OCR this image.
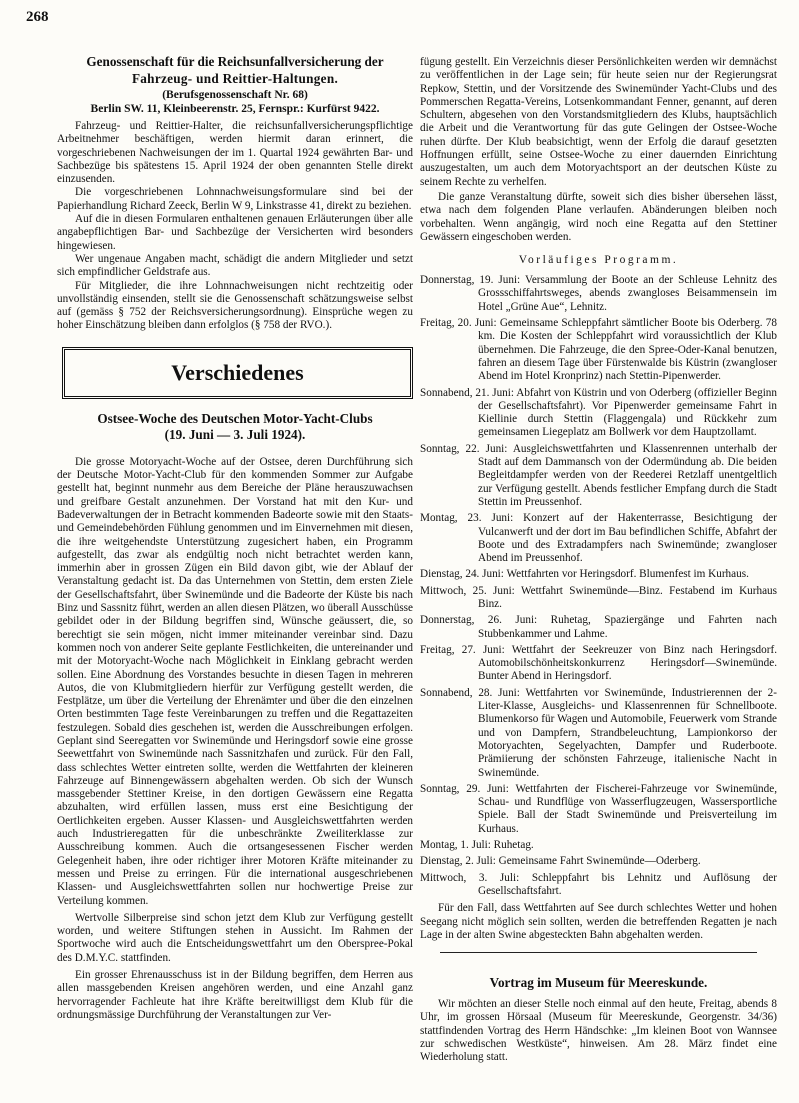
268
Genossenschaft für die Reichsunfallversicherung der
Fahrzeug- und Reittier-Haltungen.

(Berufsgenossenschaft Nr. 68)

Berlin SW. 11, Kleinbeerenstr. 25, Fernspr.: Kurfürst 9422.

Fahrzeug- und Reittier-Halter, die reichsunfallversicherungspflichtige Arbeitnehmer beschäftigen, werden hiermit daran erinnert, die vorgeschriebenen Nachweisungen der im 1. Quartal 1924 gewährten Bar- und Sachbezüge bis spätestens 15. April 1924 der oben genannten Stelle direkt einzusenden.

Die vorgeschriebenen Lohnnachweisungsformulare sind bei der Papierhandlung Richard Zeeck, Berlin W 9, Linkstrasse 41, direkt zu beziehen.

Auf die in diesen Formularen enthaltenen genauen Erläuterungen über alle angabepflichtigen Bar- und Sachbezüge der Versicherten wird besonders hingewiesen.

Wer ungenaue Angaben macht, schädigt die andern Mitglieder und setzt sich empfindlicher Geldstrafe aus.

Für Mitglieder, die ihre Lohnnachweisungen nicht rechtzeitig oder unvollständig einsenden, stellt sie die Genossenschaft schätzungsweise selbst auf (gemäss § 752 der Reichsversicherungsordnung). Einsprüche wegen zu hoher Einschätzung bleiben dann erfolglos (§ 758 der RVO.).

Verschiedenes
Ostsee-Woche des Deutschen Motor-Yacht-Clubs
(19. Juni — 3. Juli 1924).

Die grosse Motoryacht-Woche auf der Ostsee, deren Durchführung sich der Deutsche Motor-Yacht-Club für den kommenden Sommer zur Aufgabe gestellt hat, beginnt nunmehr aus dem Bereiche der Pläne herauszuwachsen und greifbare Gestalt anzunehmen. Der Vorstand hat mit den Kur- und Badeverwaltungen der in Betracht kommenden Badeorte sowie mit den Staats- und Gemeindebehörden Fühlung genommen und im Einvernehmen mit diesen, die ihre weitgehendste Unterstützung zugesichert haben, ein Programm aufgestellt, das zwar als endgültig noch nicht betrachtet werden kann, immerhin aber in grossen Zügen ein Bild davon gibt, wie der Ablauf der Veranstaltung gedacht ist. Da das Unternehmen von Stettin, dem ersten Ziele der Gesellschaftsfahrt, über Swinemünde und die Badeorte der Küste bis nach Binz und Sassnitz führt, werden an allen diesen Plätzen, wo überall Ausschüsse gebildet oder in der Bildung begriffen sind, Wünsche geäussert, die, so berechtigt sie sein mögen, nicht immer miteinander vereinbar sind. Dazu kommen noch von anderer Seite geplante Festlichkeiten, die untereinander und mit der Motoryacht-Woche nach Möglichkeit in Einklang gebracht werden sollen. Eine Abordnung des Vorstandes besuchte in diesen Tagen in mehreren Autos, die von Klubmitgliedern hierfür zur Verfügung gestellt werden, die Festplätze, um über die Verteilung der Ehrenämter und über die den einzelnen Orten bestimmten Tage feste Vereinbarungen zu treffen und die Regattazeiten festzulegen. Sobald dies geschehen ist, werden die Ausschreibungen erfolgen. Geplant sind Seeregatten vor Swinemünde und Heringsdorf sowie eine grosse Seewettfahrt von Swinemünde nach Sassnitzhafen und zurück. Für den Fall, dass schlechtes Wetter eintreten sollte, werden die Wettfahrten der kleineren Fahrzeuge auf Binnengewässern abgehalten werden. Ob sich der Wunsch massgebender Stettiner Kreise, in den dortigen Gewässern eine Regatta abzuhalten, wird erfüllen lassen, muss erst eine Besichtigung der Oertlichkeiten ergeben. Ausser Klassen- und Ausgleichswettfahrten werden auch Industrieregatten für die unbeschränkte Zweiliterklasse zur Ausschreibung kommen. Auch die ortsangesessenen Fischer werden Gelegenheit haben, ihre oder richtiger ihrer Motoren Kräfte miteinander zu messen und Preise zu erringen. Für die international ausgeschriebenen Klassen- und Ausgleichswettfahrten sollen nur hochwertige Preise zur Verteilung kommen.

Wertvolle Silberpreise sind schon jetzt dem Klub zur Verfügung gestellt worden, und weitere Stiftungen stehen in Aussicht. Im Rahmen der Sportwoche wird auch die Entscheidungswettfahrt um den Oberspree-Pokal des D.M.Y.C. stattfinden.

Ein grosser Ehrenausschuss ist in der Bildung begriffen, dem Herren aus allen massgebenden Kreisen angehören werden, und eine Anzahl ganz hervorragender Fachleute hat ihre Kräfte bereitwilligst dem Klub für die ordnungsmässige Durchführung der Veranstaltungen zur Ver-

fügung gestellt. Ein Verzeichnis dieser Persönlichkeiten werden wir demnächst zu veröffentlichen in der Lage sein; für heute seien nur der Regierungsrat Repkow, Stettin, und der Vorsitzende des Swinemünder Yacht-Clubs und des Pommerschen Regatta-Vereins, Lotsenkommandant Fenner, genannt, auf deren Schultern, abgesehen von den Vorstandsmitgliedern des Klubs, hauptsächlich die Arbeit und die Verantwortung für das gute Gelingen der Ostsee-Woche ruhen dürfte. Der Klub beabsichtigt, wenn der Erfolg die darauf gesetzten Hoffnungen erfüllt, seine Ostsee-Woche zu einer dauernden Einrichtung auszugestalten, um auch dem Motoryachtsport an der deutschen Küste zu seinem Rechte zu verhelfen.

Die ganze Veranstaltung dürfte, soweit sich dies bisher übersehen lässt, etwa nach dem folgenden Plane verlaufen. Abänderungen bleiben noch vorbehalten. Wenn angängig, wird noch eine Regatta auf den Stettiner Gewässern eingeschoben werden.

Vorläufiges Programm.

Donnerstag, 19. Juni: Versammlung der Boote an der Schleuse Lehnitz des Grossschiffahrtsweges, abends zwangloses Beisammensein im Hotel „Grüne Aue“, Lehnitz.

Freitag, 20. Juni: Gemeinsame Schleppfahrt sämtlicher Boote bis Oderberg. 78 km. Die Kosten der Schleppfahrt wird voraussichtlich der Klub übernehmen. Die Fahrzeuge, die den Spree-Oder-Kanal benutzen, fahren an diesem Tage über Fürstenwalde bis Küstrin (zwangloser Abend im Hotel Kronprinz) nach Stettin-Pipenwerder.

Sonnabend, 21. Juni: Abfahrt von Küstrin und von Oderberg (offizieller Beginn der Gesellschaftsfahrt). Vor Pipenwerder gemeinsame Fahrt in Kiellinie durch Stettin (Flaggengala) und Rückkehr zum gemeinsamen Liegeplatz am Bollwerk vor dem Hauptzollamt.

Sonntag, 22. Juni: Ausgleichswettfahrten und Klassenrennen unterhalb der Stadt auf dem Dammansch von der Odermündung ab. Die beiden Begleitdampfer werden von der Reederei Retzlaff unentgeltlich zur Verfügung gestellt. Abends festlicher Empfang durch die Stadt Stettin im Preussenhof.

Montag, 23. Juni: Konzert auf der Hakenterrasse, Besichtigung der Vulcanwerft und der dort im Bau befindlichen Schiffe, Abfahrt der Boote und des Extradampfers nach Swinemünde; zwangloser Abend im Preussenhof.

Dienstag, 24. Juni: Wettfahrten vor Heringsdorf. Blumenfest im Kurhaus.

Mittwoch, 25. Juni: Wettfahrt Swinemünde—Binz. Festabend im Kurhaus Binz.

Donnerstag, 26. Juni: Ruhetag, Spaziergänge und Fahrten nach Stubbenkammer und Lahme.

Freitag, 27. Juni: Wettfahrt der Seekreuzer von Binz nach Heringsdorf. Automobilschönheitskonkurrenz Heringsdorf—Swinemünde. Bunter Abend in Heringsdorf.

Sonnabend, 28. Juni: Wettfahrten vor Swinemünde, Industrierennen der 2-Liter-Klasse, Ausgleichs- und Klassenrennen für Schnellboote. Blumenkorso für Wagen und Automobile, Feuerwerk vom Strande und von Dampfern, Strandbeleuchtung, Lampionkorso der Motoryachten, Segelyachten, Dampfer und Ruderboote. Prämiierung der schönsten Fahrzeuge, italienische Nacht in Swinemünde.

Sonntag, 29. Juni: Wettfahrten der Fischerei-Fahrzeuge vor Swinemünde, Schau- und Rundflüge von Wasserflugzeugen, Wassersportliche Spiele. Ball der Stadt Swinemünde und Preisverteilung im Kurhaus.

Montag, 1. Juli: Ruhetag.

Dienstag, 2. Juli: Gemeinsame Fahrt Swinemünde—Oderberg.

Mittwoch, 3. Juli: Schleppfahrt bis Lehnitz und Auflösung der Gesellschaftsfahrt.

Für den Fall, dass Wettfahrten auf See durch schlechtes Wetter und hohen Seegang nicht möglich sein sollten, werden die betreffenden Regatten je nach Lage in der alten Swine abgesteckten Bahn abgehalten werden.

Vortrag im Museum für Meereskunde.

Wir möchten an dieser Stelle noch einmal auf den heute, Freitag, abends 8 Uhr, im grossen Hörsaal (Museum für Meereskunde, Georgenstr. 34/36) stattfindenden Vortrag des Herrn Händschke: „Im kleinen Boot von Wannsee zur schwedischen Westküste“, hinweisen. Am 28. März findet eine Wiederholung statt.
